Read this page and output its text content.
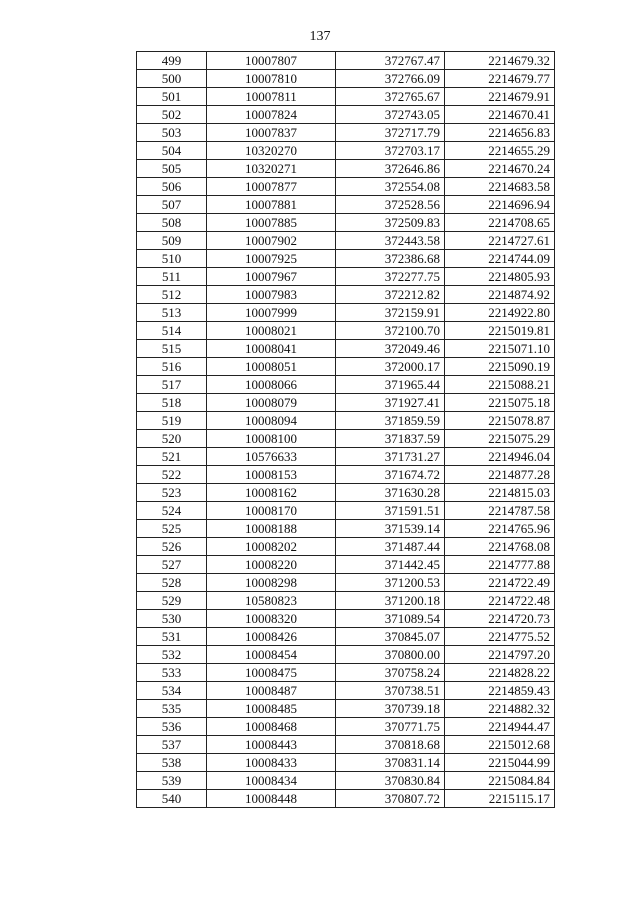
137
499	10007807	372767.47	2214679.32
500	10007810	372766.09	2214679.77
501	10007811	372765.67	2214679.91
502	10007824	372743.05	2214670.41
503	10007837	372717.79	2214656.83
504	10320270	372703.17	2214655.29
505	10320271	372646.86	2214670.24
506	10007877	372554.08	2214683.58
507	10007881	372528.56	2214696.94
508	10007885	372509.83	2214708.65
509	10007902	372443.58	2214727.61
510	10007925	372386.68	2214744.09
511	10007967	372277.75	2214805.93
512	10007983	372212.82	2214874.92
513	10007999	372159.91	2214922.80
514	10008021	372100.70	2215019.81
515	10008041	372049.46	2215071.10
516	10008051	372000.17	2215090.19
517	10008066	371965.44	2215088.21
518	10008079	371927.41	2215075.18
519	10008094	371859.59	2215078.87
520	10008100	371837.59	2215075.29
521	10576633	371731.27	2214946.04
522	10008153	371674.72	2214877.28
523	10008162	371630.28	2214815.03
524	10008170	371591.51	2214787.58
525	10008188	371539.14	2214765.96
526	10008202	371487.44	2214768.08
527	10008220	371442.45	2214777.88
528	10008298	371200.53	2214722.49
529	10580823	371200.18	2214722.48
530	10008320	371089.54	2214720.73
531	10008426	370845.07	2214775.52
532	10008454	370800.00	2214797.20
533	10008475	370758.24	2214828.22
534	10008487	370738.51	2214859.43
535	10008485	370739.18	2214882.32
536	10008468	370771.75	2214944.47
537	10008443	370818.68	2215012.68
538	10008433	370831.14	2215044.99
539	10008434	370830.84	2215084.84
540	10008448	370807.72	2215115.17
